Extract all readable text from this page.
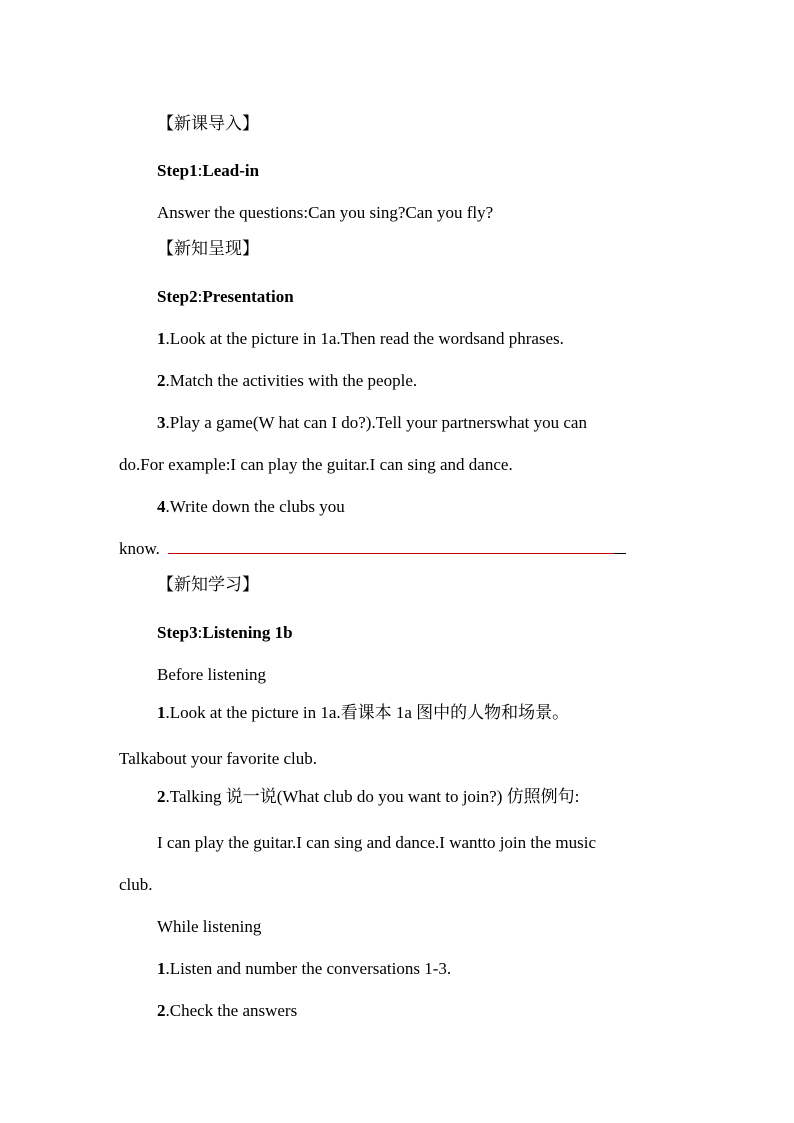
【新课导入】
Step1:Lead-in
Answer the questions:Can you sing?Can you fly?
【新知呈现】
Step2:Presentation
1.Look at the picture in 1a.Then read the wordsand phrases.
2.Match the activities with the people.
3.Play a game(W hat can I do?).Tell your partnerswhat you can
do.For example:I can play the guitar.I can sing and dance.
4.Write down the clubs you
know.
【新知学习】
Step3:Listening 1b
Before listening
1.Look at the picture in 1a.看课本 1a 图中的人物和场景。
Talkabout your favorite club.
2.Talking 说一说(What club do you want to join?) 仿照例句:
I can play the guitar.I can sing and dance.I wantto join the music
club.
While listening
1.Listen and number the conversations 1-3.
2.Check the answers
